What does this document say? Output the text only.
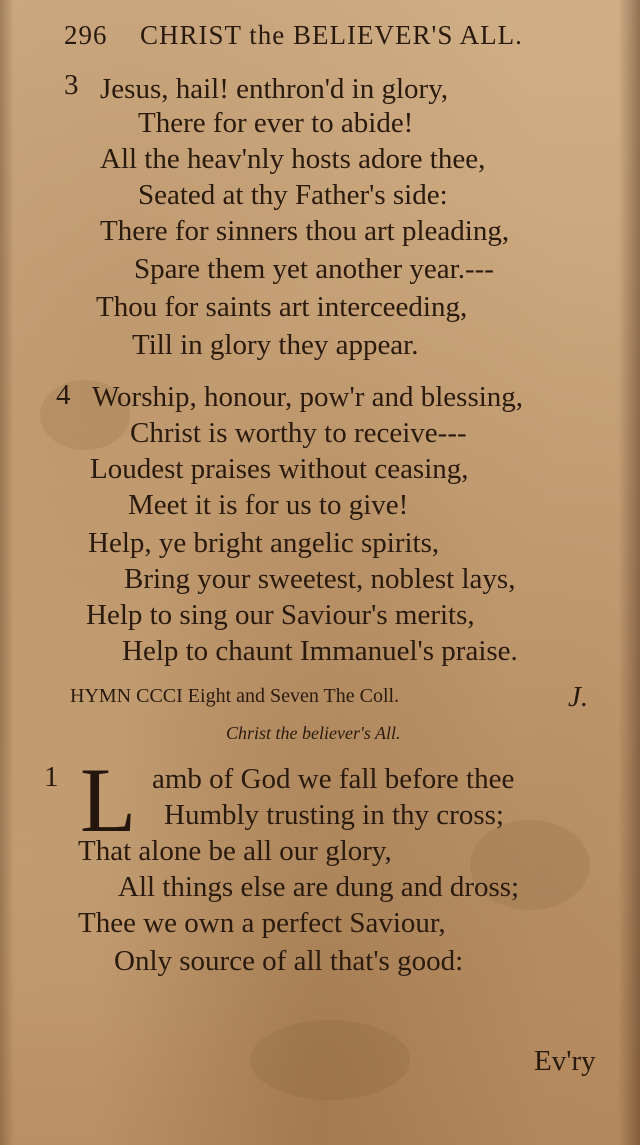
296 CHRIST the BELIEVER'S ALL.
3 Jesus, hail! enthron'd in glory,
There for ever to abide!
All the heav'nly hosts adore thee,
Seated at thy Father's side:
There for sinners thou art pleading,
Spare them yet another year.---
Thou for saints art interceeding,
Till in glory they appear.
4 Worship, honour, pow'r and blessing,
Christ is worthy to receive---
Loudest praises without ceasing,
Meet it is for us to give!
Help, ye bright angelic spirits,
Bring your sweetest, noblest lays,
Help to sing our Saviour's merits,
Help to chaunt Immanuel's praise.
HYMN CCCI Eight and Seven The Coll.	J.
Christ the believer's All.
1 L amb of God we fall before thee
Humbly trusting in thy cross;
That alone be all our glory,
All things else are dung and dross;
Thee we own a perfect Saviour,
Only source of all that's good:
Ev'ry
